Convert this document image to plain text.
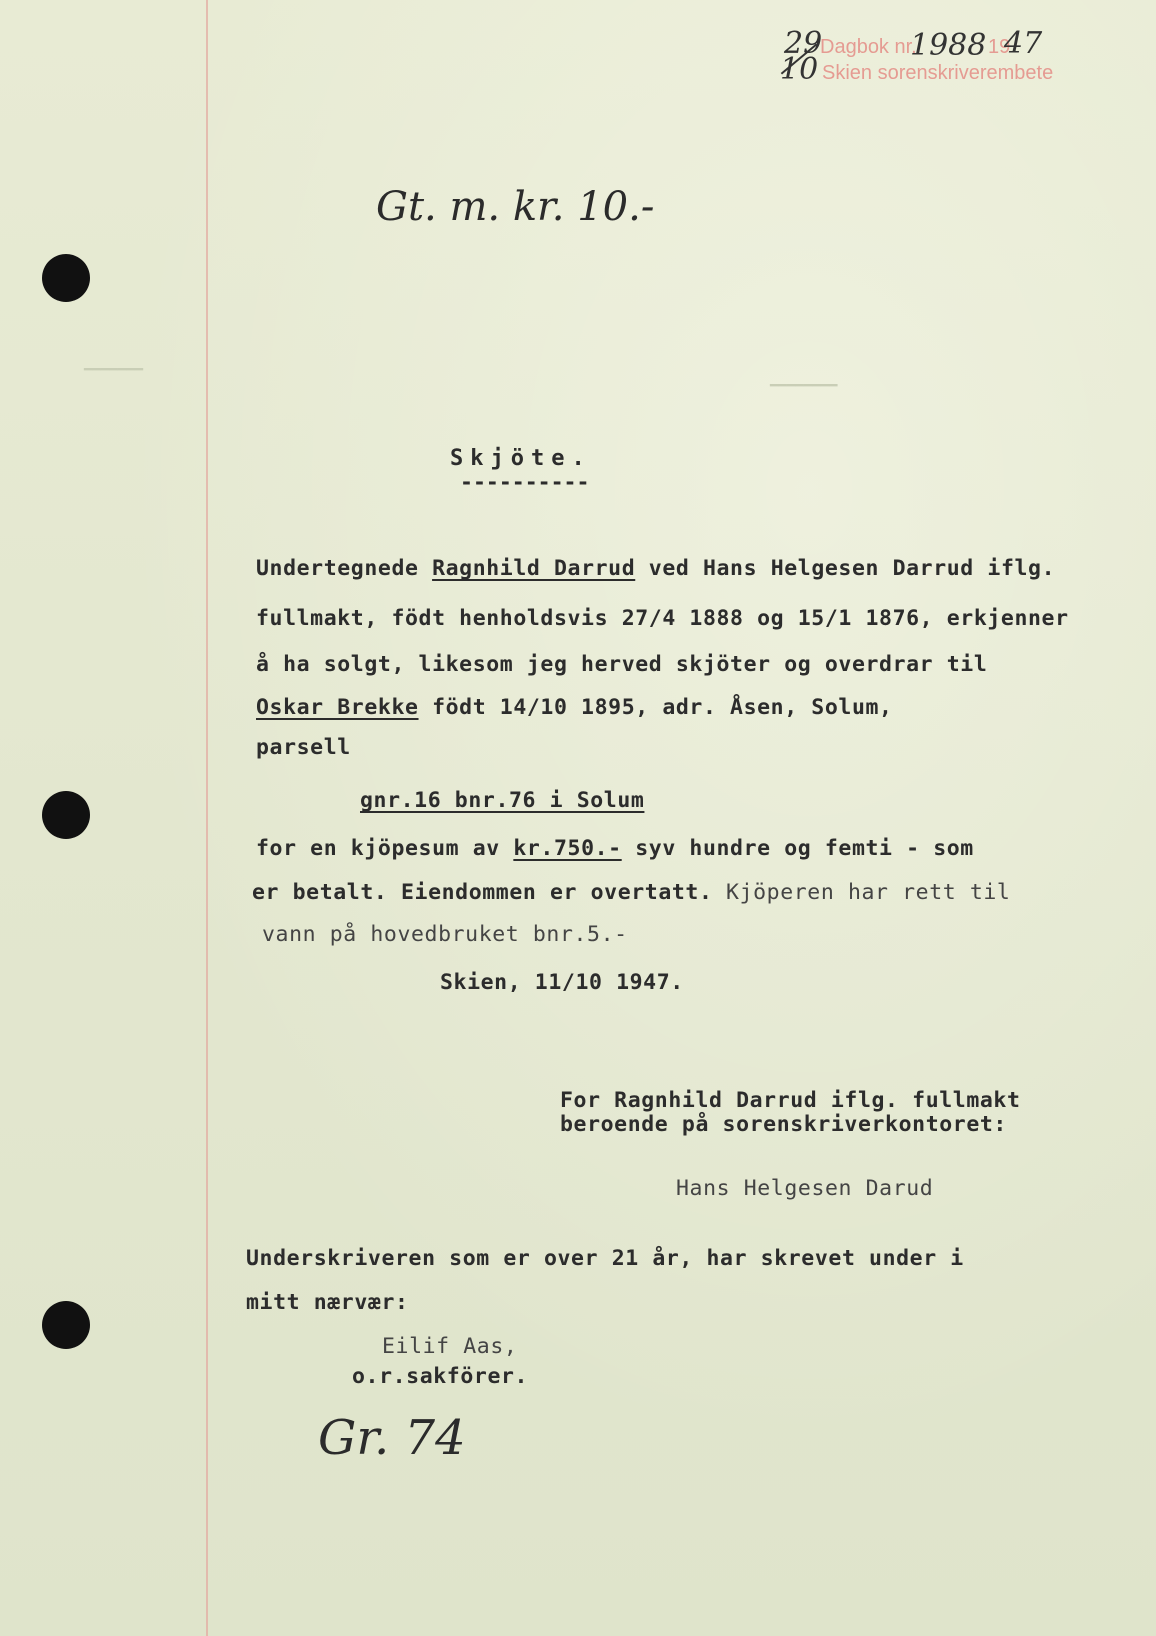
━━━━━━━
━━━━━━━━
29
10
Dagbok nr.
1988 19
47
Skien sorenskriverembete
Gt. m. kr. 10.-
Skjöte.
----------
Undertegnede Ragnhild Darrud ved Hans Helgesen Darrud iflg.
fullmakt, födt henholdsvis 27/4 1888 og 15/1 1876, erkjenner
å ha solgt, likesom jeg herved skjöter og overdrar til
Oskar Brekke födt 14/10 1895, adr. Åsen, Solum,
parsell
gnr.16 bnr.76 i Solum
for en kjöpesum av kr.750.- syv hundre og femti - som
er betalt. Eiendommen er overtatt. Kjöperen har rett til
vann på hovedbruket bnr.5.-
Skien, 11/10 1947.
For Ragnhild Darrud iflg. fullmakt
beroende på sorenskriverkontoret:
Hans Helgesen Darud
Underskriveren som er over 21 år, har skrevet under i
mitt nærvær:
Eilif Aas,
o.r.sakförer.
Gr. 74
